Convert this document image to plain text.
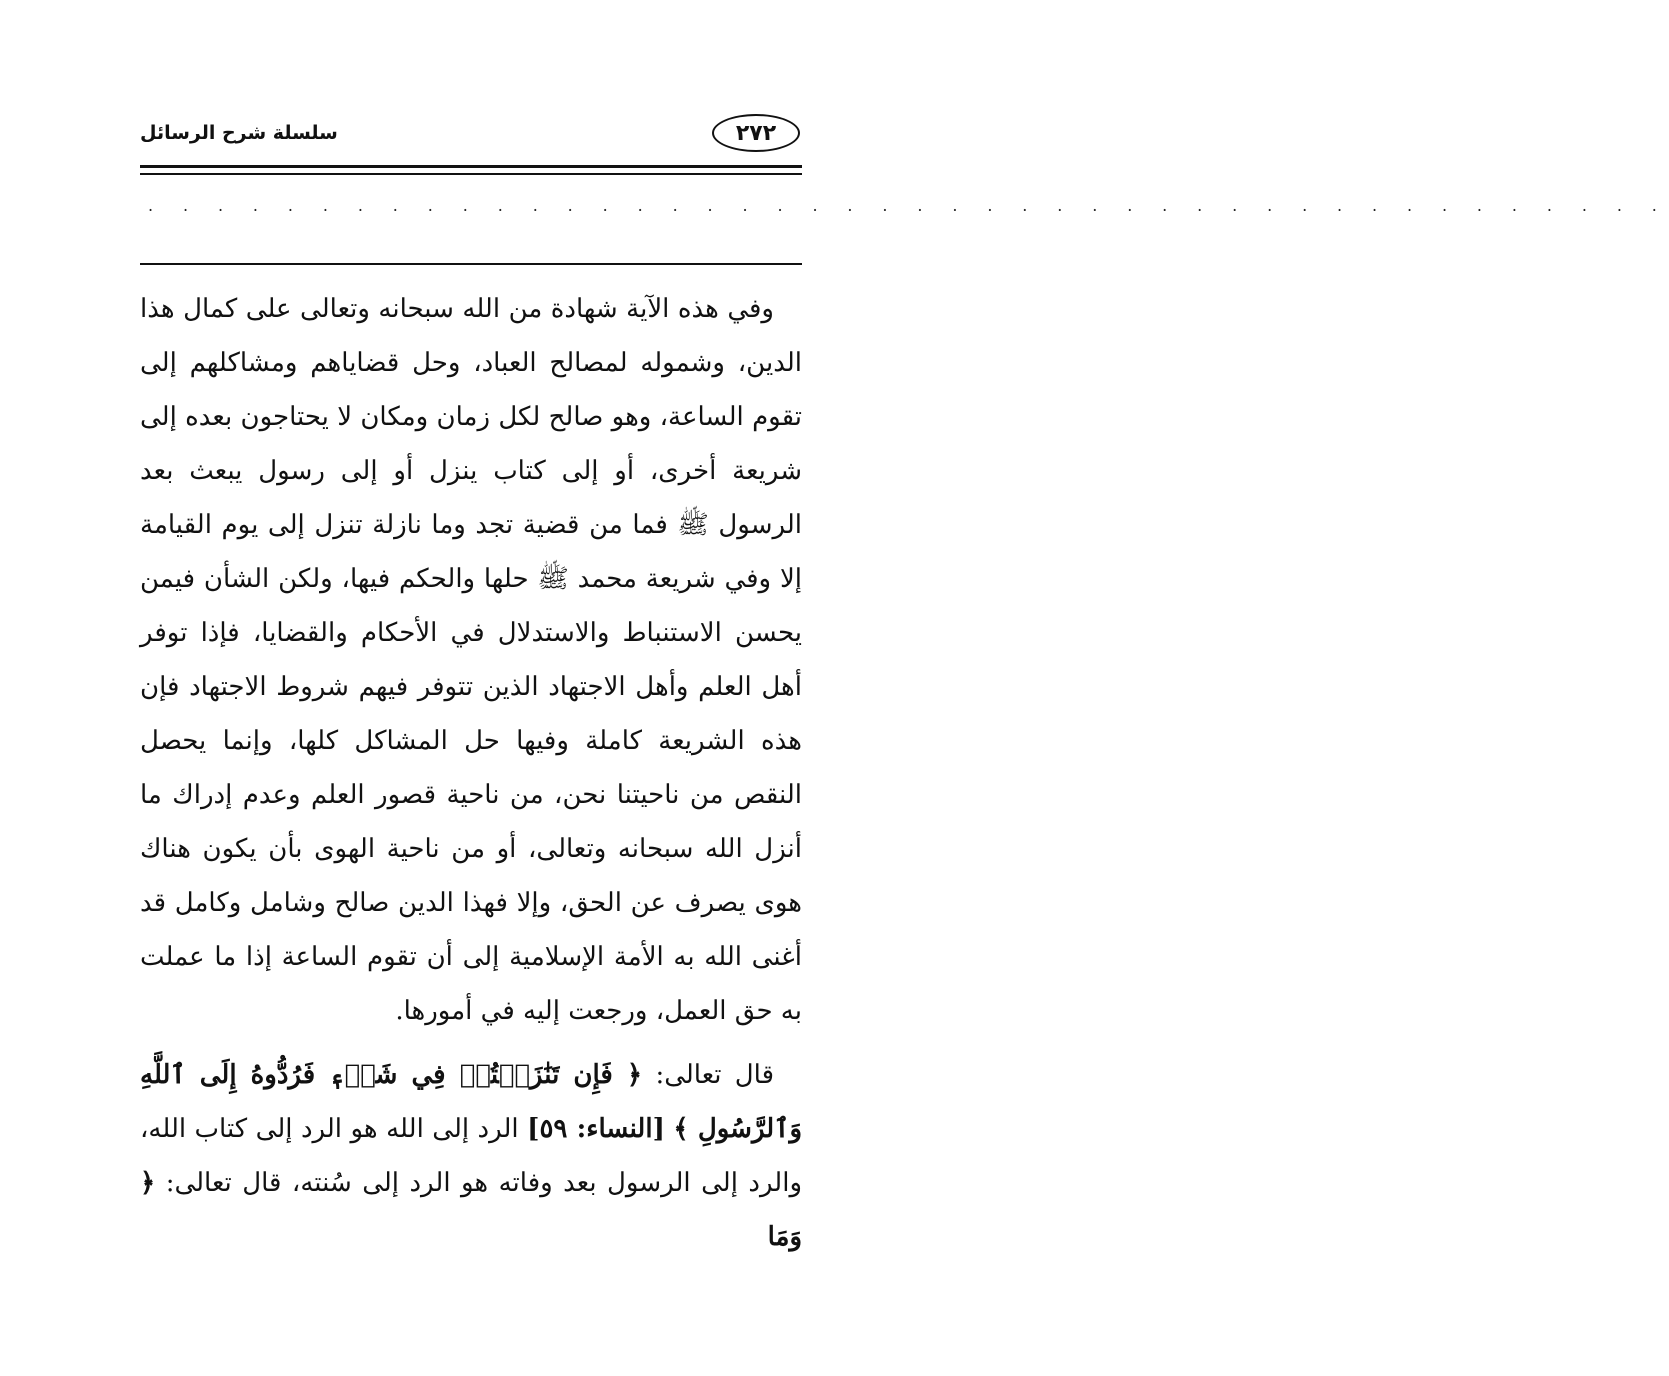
سلسلة شرح الرسائل	٢٧٢
. . . . . . . . . . . . . . . . . . . . . . . . . . . . . . . . . . . . . . . . . . . .

وفي هذه الآية شهادة من الله سبحانه وتعالى على كمال هذا الدين، وشموله لمصالح العباد، وحل قضاياهم ومشاكلهم إلى تقوم الساعة، وهو صالح لكل زمان ومكان لا يحتاجون بعده إلى شريعة أخرى، أو إلى كتاب ينزل أو إلى رسول يبعث بعد الرسول ﷺ فما من قضية تجد وما نازلة تنزل إلى يوم القيامة إلا وفي شريعة محمد ﷺ حلها والحكم فيها، ولكن الشأن فيمن يحسن الاستنباط والاستدلال في الأحكام والقضايا، فإذا توفر أهل العلم وأهل الاجتهاد الذين تتوفر فيهم شروط الاجتهاد فإن هذه الشريعة كاملة وفيها حل المشاكل كلها، وإنما يحصل النقص من ناحيتنا نحن، من ناحية قصور العلم وعدم إدراك ما أنزل الله سبحانه وتعالى، أو من ناحية الهوى بأن يكون هناك هوى يصرف عن الحق، وإلا فهذا الدين صالح وشامل وكامل قد أغنى الله به الأمة الإسلامية إلى أن تقوم الساعة إذا ما عملت به حق العمل، ورجعت إليه في أمورها.

قال تعالى: ﴿ فَإِن تَنَٰزَعۡتُمۡ فِي شَيۡءٖ فَرُدُّوهُ إِلَى ٱللَّهِ وَٱلرَّسُولِ ﴾ [النساء: ٥٩] الرد إلى الله هو الرد إلى كتاب الله، والرد إلى الرسول بعد وفاته هو الرد إلى سُنته، قال تعالى: ﴿ وَمَا
